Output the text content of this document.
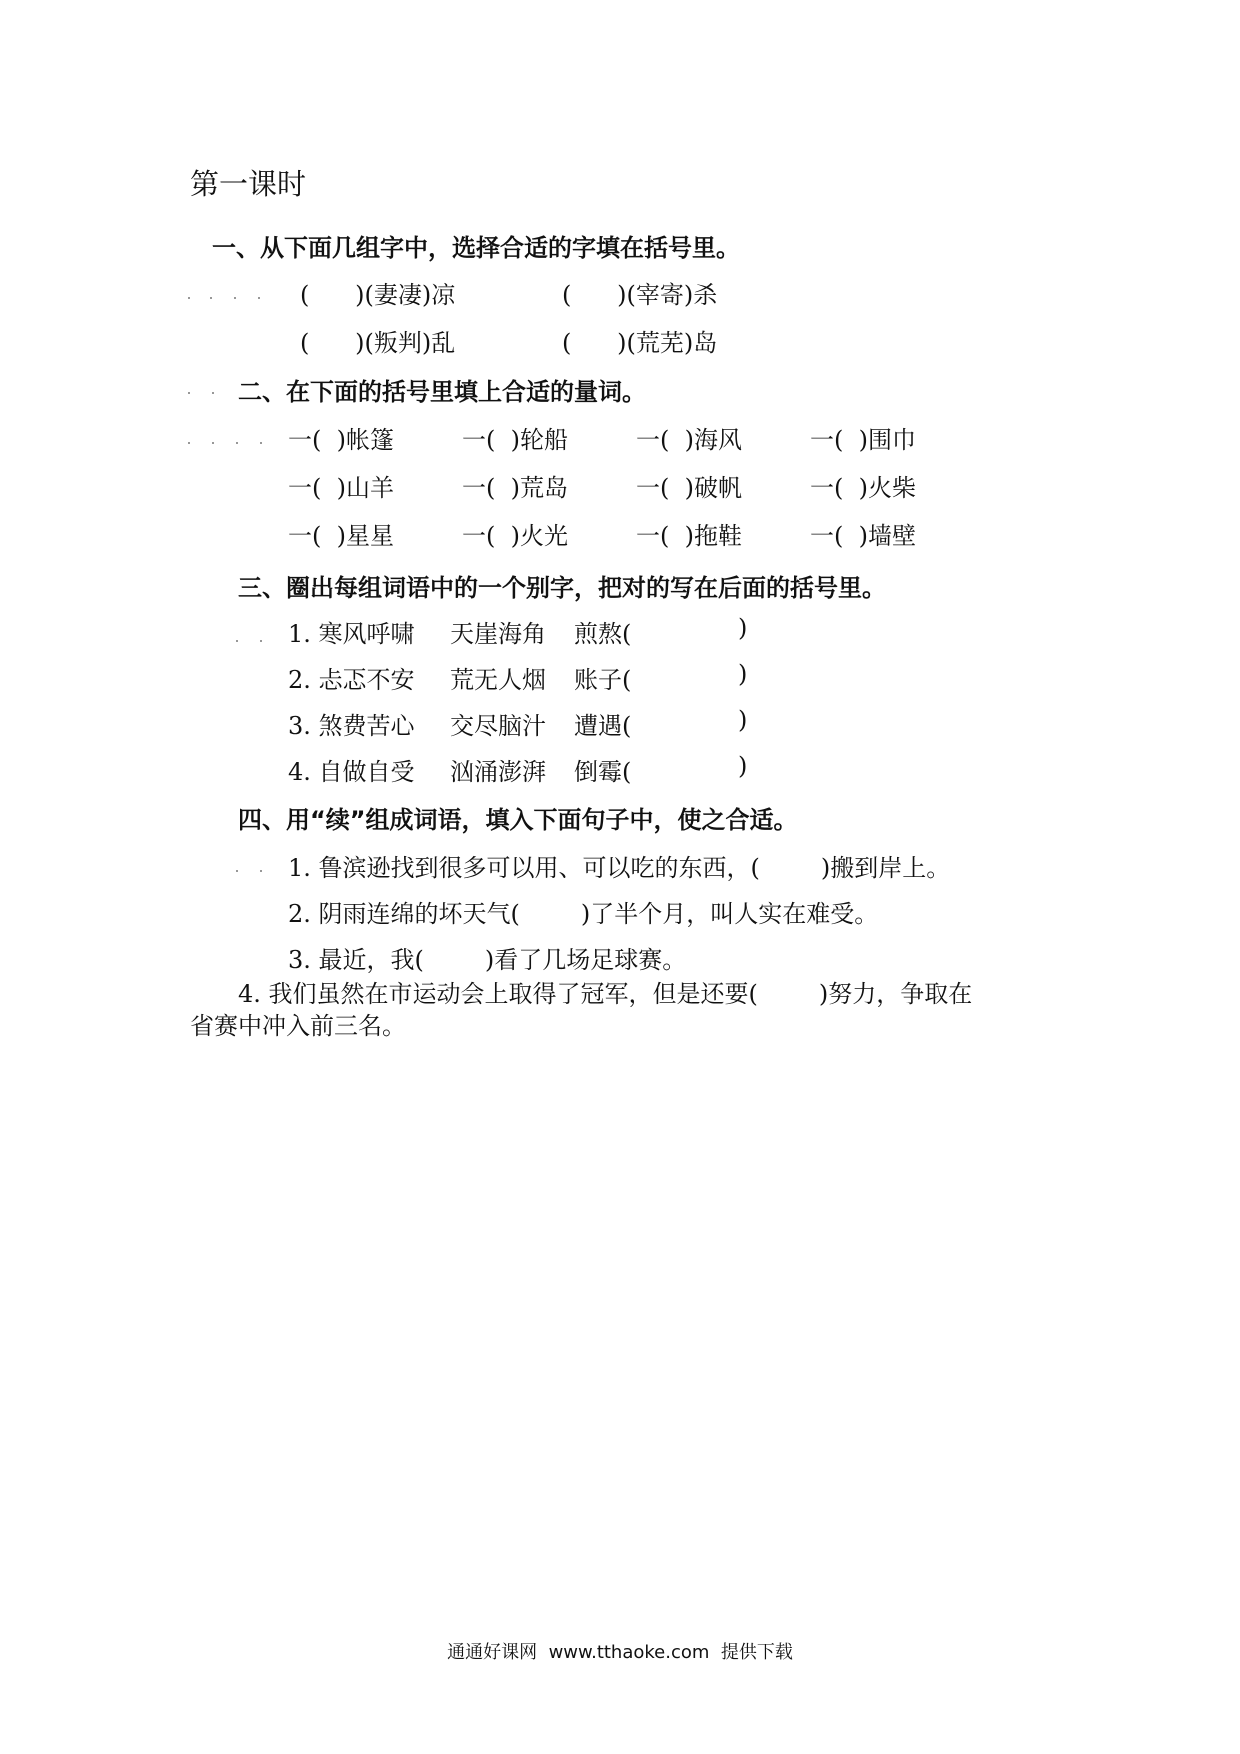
第一课时
一、从下面几组字中，选择合适的字填在括号里。
(      )(妻凄)凉	(      )(宰寄)杀
(      )(叛判)乱	(      )(荒芜)岛
二、在下面的括号里填上合适的量词。
一(  )帐篷	一(  )轮船	一(  )海风	一(  )围巾
一(  )山羊	一(  )荒岛	一(  )破帆	一(  )火柴
一(  )星星	一(  )火光	一(  )拖鞋	一(  )墙壁
三、圈出每组词语中的一个别字，把对的写在后面的括号里。
1. 寒风呼啸 天崖海角 煎熬(	)
2. 忐忑不安 荒无人烟 账子(	)
3. 煞费苦心 交尽脑汁 遭遇(	)
4. 自做自受 汹涌澎湃 倒霉(	)
四、用“续”组成词语，填入下面句子中，使之合适。
1. 鲁滨逊找到很多可以用、可以吃的东西，(        )搬到岸上。
2. 阴雨连绵的坏天气(        )了半个月，叫人实在难受。
3. 最近，我(        )看了几场足球赛。
4. 我们虽然在市运动会上取得了冠军，但是还要(        )努力，争取在
省赛中冲入前三名。
通通好课网  www.tthaoke.com  提供下载
